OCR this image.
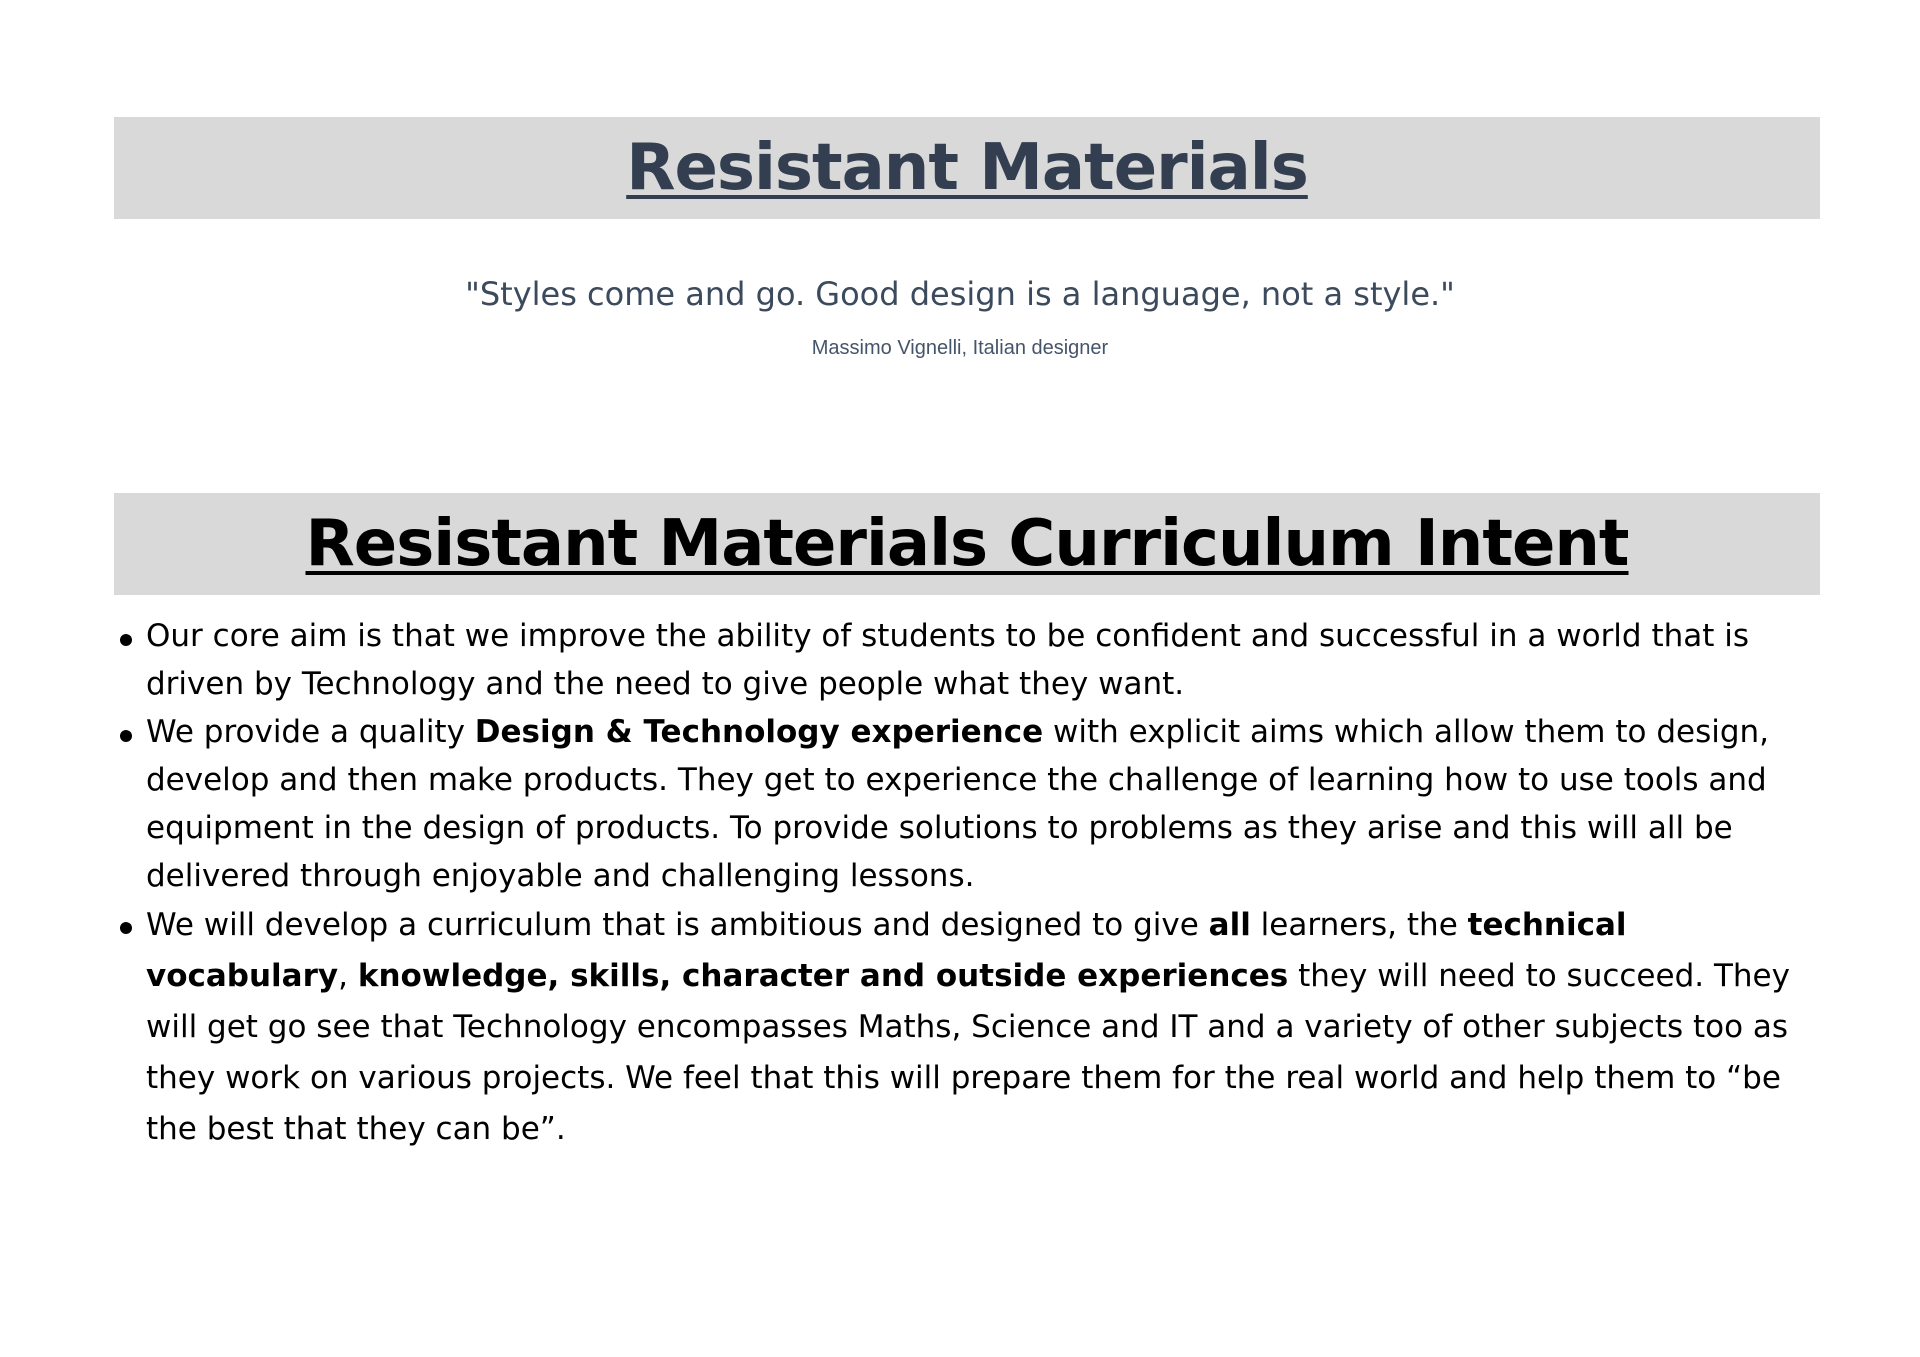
Resistant Materials
"Styles come and go. Good design is a language, not a style."
Massimo Vignelli, Italian designer
Resistant Materials Curriculum Intent
Our core aim is that we improve the ability of students to be confident and successful in a world that is driven by Technology and the need to give people what they want.
We provide a quality Design & Technology experience with explicit aims which allow them to design, develop and then make products. They get to experience the challenge of learning how to use tools and equipment in the design of products. To provide solutions to problems as they arise and this will all be delivered through enjoyable and challenging lessons.
We will develop a curriculum that is ambitious and designed to give all learners, the technical vocabulary, knowledge, skills, character and outside experiences they will need to succeed. They will get go see that Technology encompasses Maths, Science and IT and a variety of other subjects too as they work on various projects. We feel that this will prepare them for the real world and help them to “be the best that they can be”.
